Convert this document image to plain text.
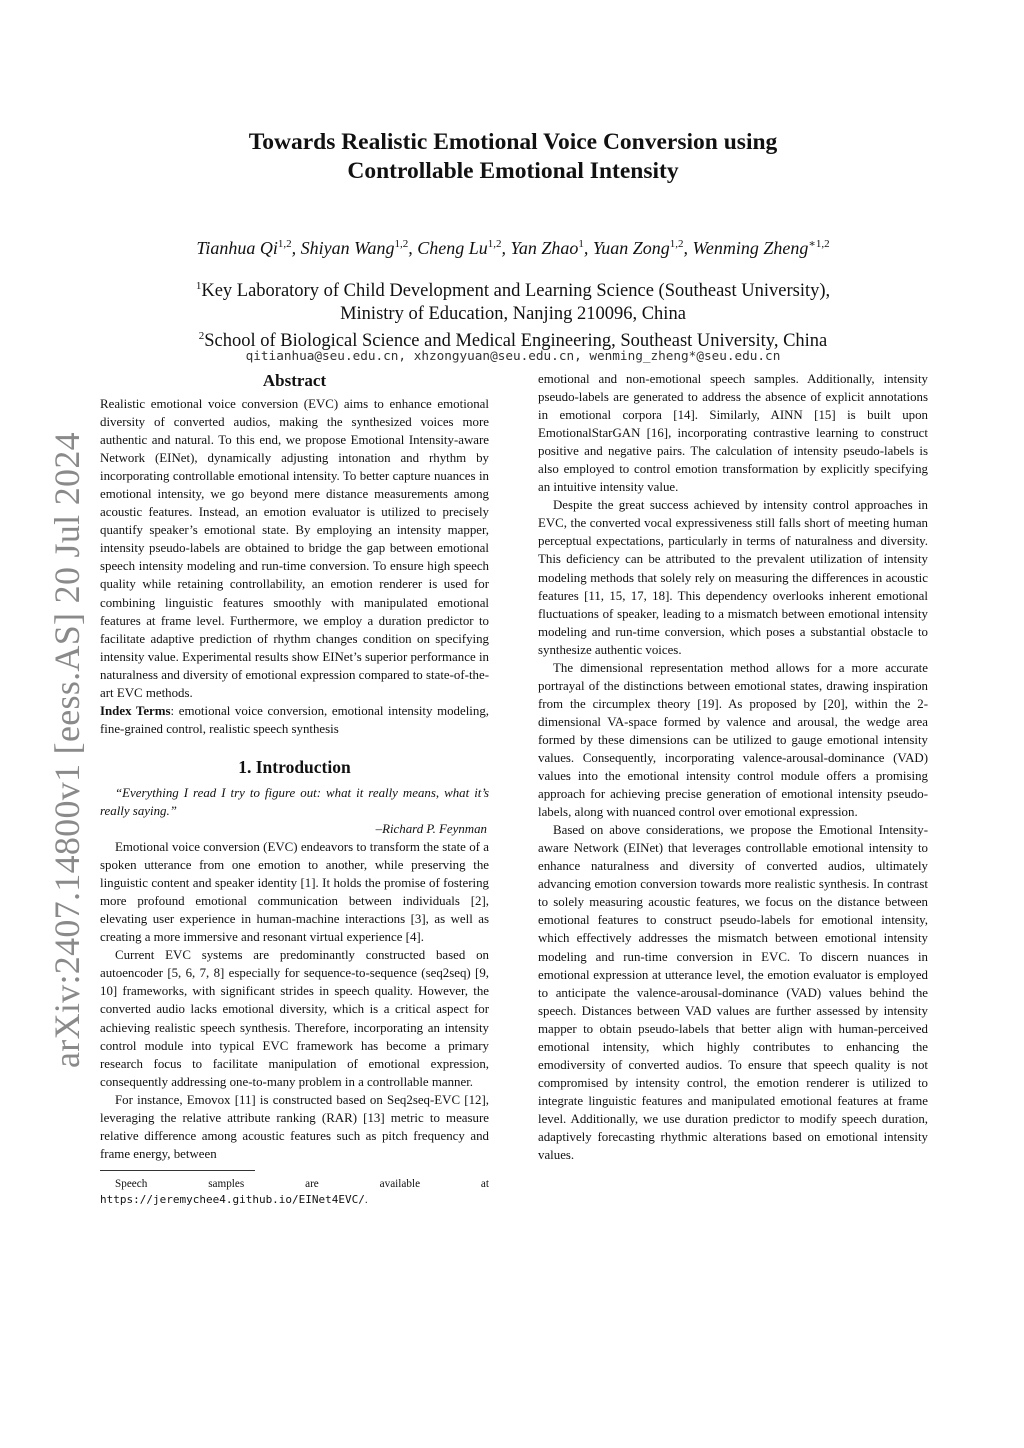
arXiv:2407.14800v1 [eess.AS] 20 Jul 2024
Towards Realistic Emotional Voice Conversion using
Controllable Emotional Intensity
Tianhua Qi$^{1,2}$, Shiyan Wang$^{1,2}$, Cheng Lu$^{1,2}$, Yan Zhao$^1$, Yuan Zong$^{1,2}$, Wenming Zheng$^{∗1,2}$
$^1$Key Laboratory of Child Development and Learning Science (Southeast University),
Ministry of Education, Nanjing 210096, China
$^2$School of Biological Science and Medical Engineering, Southeast University, China
qitianhua@seu.edu.cn, xhzongyuan@seu.edu.cn, wenming_zheng*@seu.edu.cn
Abstract

Realistic emotional voice conversion (EVC) aims to enhance emotional diversity of converted audios, making the synthesized voices more authentic and natural. To this end, we propose Emotional Intensity-aware Network (EINet), dynamically adjusting intonation and rhythm by incorporating controllable emotional intensity. To better capture nuances in emotional intensity, we go beyond mere distance measurements among acoustic features. Instead, an emotion evaluator is utilized to precisely quantify speaker’s emotional state. By employing an intensity mapper, intensity pseudo-labels are obtained to bridge the gap between emotional speech intensity modeling and run-time conversion. To ensure high speech quality while retaining controllability, an emotion renderer is used for combining linguistic features smoothly with manipulated emotional features at frame level. Furthermore, we employ a duration predictor to facilitate adaptive prediction of rhythm changes condition on specifying intensity value. Experimental results show EINet’s superior performance in naturalness and diversity of emotional expression compared to state-of-the-art EVC methods.

Index Terms: emotional voice conversion, emotional intensity modeling, fine-grained control, realistic speech synthesis

1. Introduction

“Everything I read I try to figure out: what it really means, what it’s really saying.”

–Richard P. Feynman

Emotional voice conversion (EVC) endeavors to transform the state of a spoken utterance from one emotion to another, while preserving the linguistic content and speaker identity [1]. It holds the promise of fostering more profound emotional communication between individuals [2], elevating user experience in human-machine interactions [3], as well as creating a more immersive and resonant virtual experience [4].

Current EVC systems are predominantly constructed based on autoencoder [5, 6, 7, 8] especially for sequence-to-sequence (seq2seq) [9, 10] frameworks, with significant strides in speech quality. However, the converted audio lacks emotional diversity, which is a critical aspect for achieving realistic speech synthesis. Therefore, incorporating an intensity control module into typical EVC framework has become a primary research focus to facilitate manipulation of emotional expression, consequently addressing one-to-many problem in a controllable manner.

For instance, Emovox [11] is constructed based on Seq2seq-EVC [12], leveraging the relative attribute ranking (RAR) [13] metric to measure relative difference among acoustic features such as pitch frequency and frame energy, between

Speech samples are available at https://jeremychee4.github.io/EINet4EVC/.

emotional and non-emotional speech samples. Additionally, intensity pseudo-labels are generated to address the absence of explicit annotations in emotional corpora [14]. Similarly, AINN [15] is built upon EmotionalStarGAN [16], incorporating contrastive learning to construct positive and negative pairs. The calculation of intensity pseudo-labels is also employed to control emotion transformation by explicitly specifying an intuitive intensity value.

Despite the great success achieved by intensity control approaches in EVC, the converted vocal expressiveness still falls short of meeting human perceptual expectations, particularly in terms of naturalness and diversity. This deficiency can be attributed to the prevalent utilization of intensity modeling methods that solely rely on measuring the differences in acoustic features [11, 15, 17, 18]. This dependency overlooks inherent emotional fluctuations of speaker, leading to a mismatch between emotional intensity modeling and run-time conversion, which poses a substantial obstacle to synthesize authentic voices.

The dimensional representation method allows for a more accurate portrayal of the distinctions between emotional states, drawing inspiration from the circumplex theory [19]. As proposed by [20], within the 2-dimensional VA-space formed by valence and arousal, the wedge area formed by these dimensions can be utilized to gauge emotional intensity values. Consequently, incorporating valence-arousal-dominance (VAD) values into the emotional intensity control module offers a promising approach for achieving precise generation of emotional intensity pseudo-labels, along with nuanced control over emotional expression.

Based on above considerations, we propose the Emotional Intensity-aware Network (EINet) that leverages controllable emotional intensity to enhance naturalness and diversity of converted audios, ultimately advancing emotion conversion towards more realistic synthesis. In contrast to solely measuring acoustic features, we focus on the distance between emotional features to construct pseudo-labels for emotional intensity, which effectively addresses the mismatch between emotional intensity modeling and run-time conversion in EVC. To discern nuances in emotional expression at utterance level, the emotion evaluator is employed to anticipate the valence-arousal-dominance (VAD) values behind the speech. Distances between VAD values are further assessed by intensity mapper to obtain pseudo-labels that better align with human-perceived emotional intensity, which highly contributes to enhancing the emodiversity of converted audios. To ensure that speech quality is not compromised by intensity control, the emotion renderer is utilized to integrate linguistic features and manipulated emotional features at frame level. Additionally, we use duration predictor to modify speech duration, adaptively forecasting rhythmic alterations based on emotional intensity values.
